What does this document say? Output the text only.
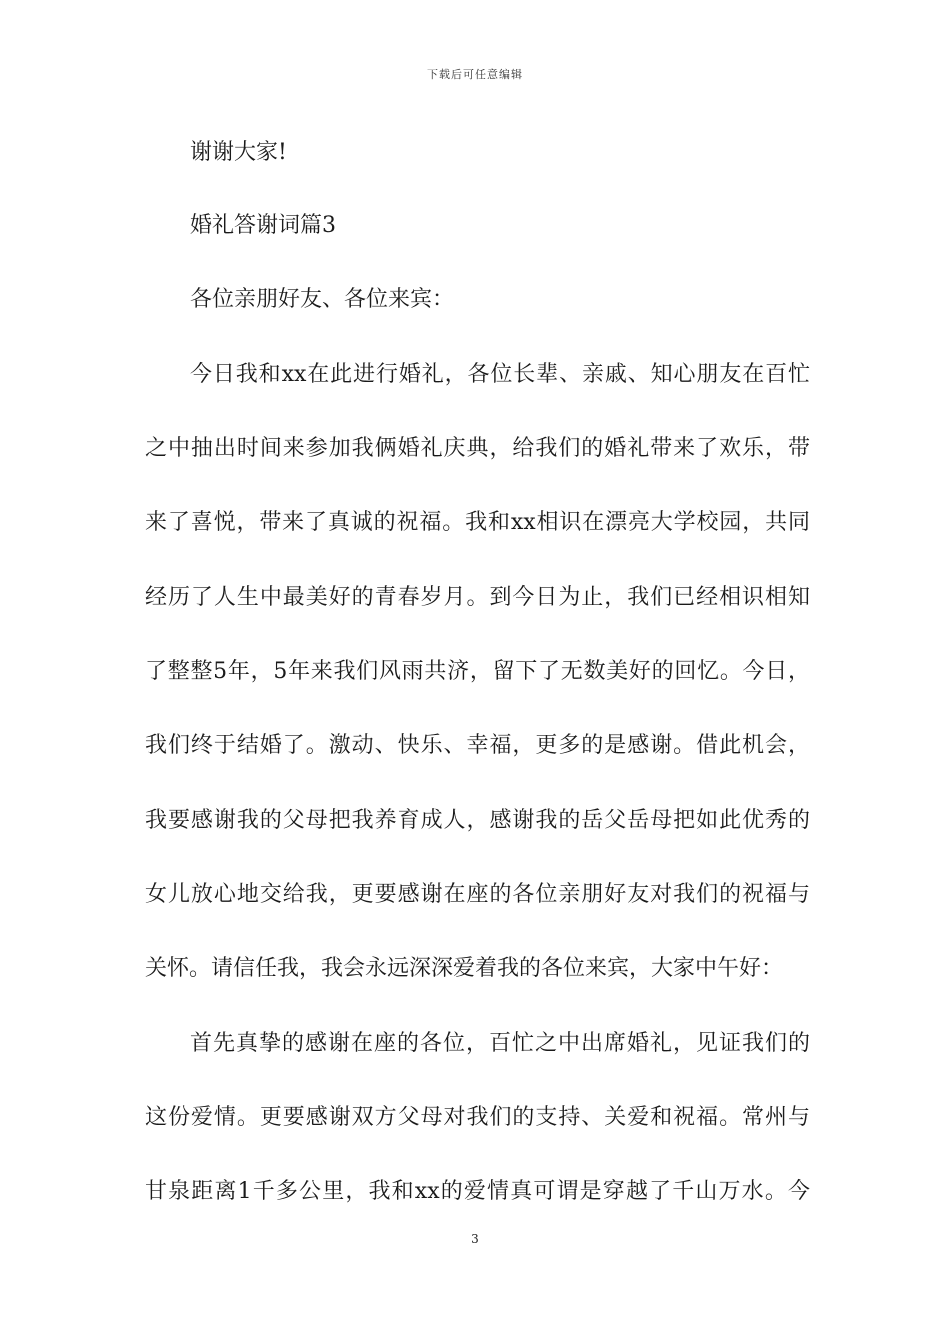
下载后可任意编辑
谢谢大家!
婚礼答谢词篇3
各位亲朋好友、各位来宾：
今日我和xx在此进行婚礼，各位长辈、亲戚、知心朋友在百忙
之中抽出时间来参加我俩婚礼庆典，给我们的婚礼带来了欢乐，带
来了喜悦，带来了真诚的祝福。我和xx相识在漂亮大学校园，共同
经历了人生中最美好的青春岁月。到今日为止，我们已经相识相知
了整整5年，5年来我们风雨共济，留下了无数美好的回忆。今日，
我们终于结婚了。激动、快乐、幸福，更多的是感谢。借此机会，
我要感谢我的父母把我养育成人，感谢我的岳父岳母把如此优秀的
女儿放心地交给我，更要感谢在座的各位亲朋好友对我们的祝福与
关怀。请信任我，我会永远深深爱着我的各位来宾，大家中午好：
首先真挚的感谢在座的各位，百忙之中出席婚礼，见证我们的
这份爱情。更要感谢双方父母对我们的支持、关爱和祝福。常州与
甘泉距离1千多公里，我和xx的爱情真可谓是穿越了千山万水。今
3
